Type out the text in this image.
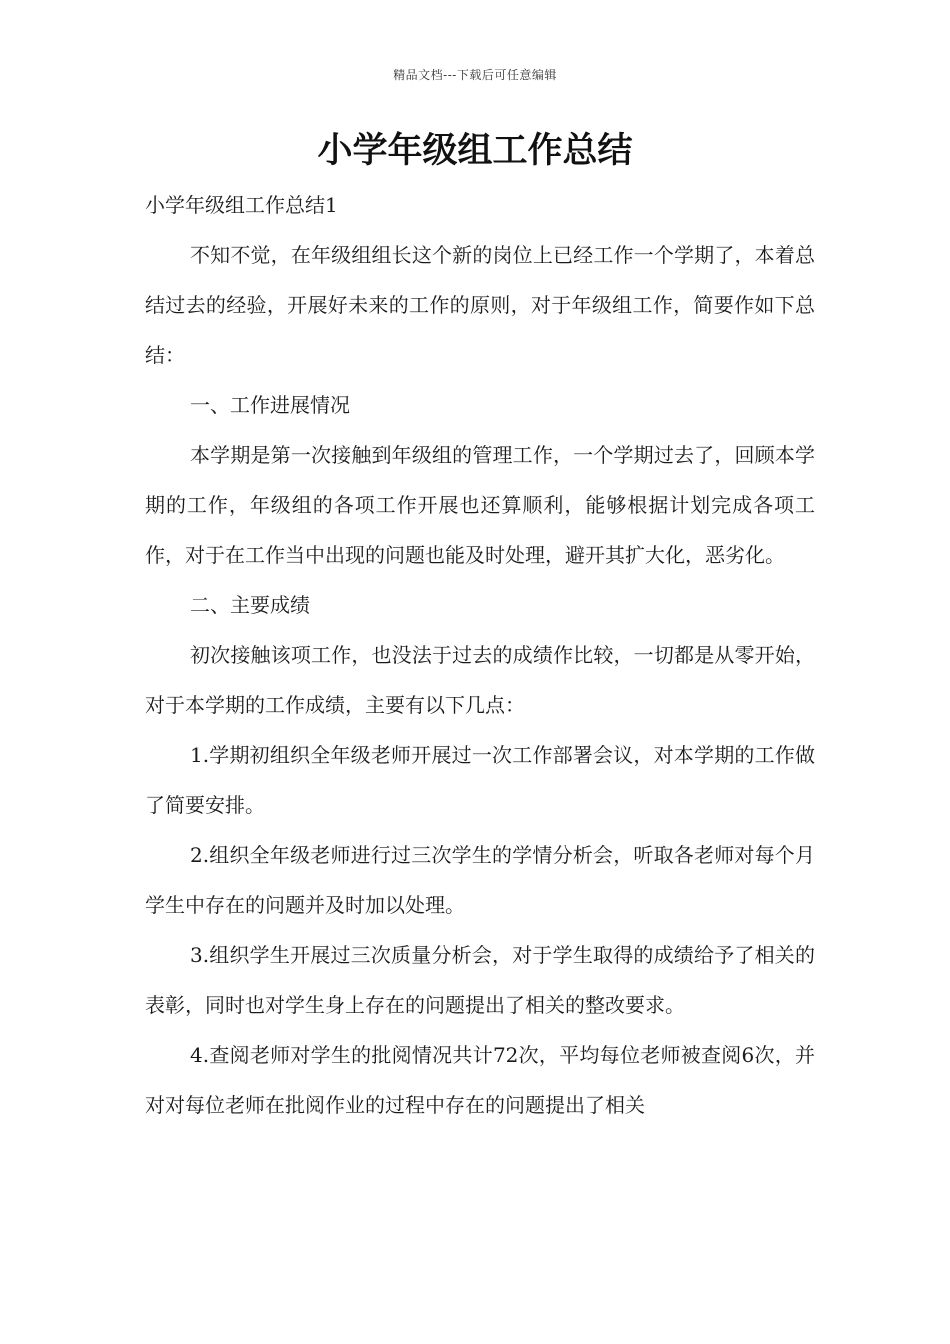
精品文档---下载后可任意编辑
小学年级组工作总结

小学年级组工作总结1

不知不觉，在年级组组长这个新的岗位上已经工作一个学期了，本着总结过去的经验，开展好未来的工作的原则，对于年级组工作，简要作如下总结：

一、工作进展情况

本学期是第一次接触到年级组的管理工作，一个学期过去了，回顾本学期的工作，年级组的各项工作开展也还算顺利，能够根据计划完成各项工作，对于在工作当中出现的问题也能及时处理，避开其扩大化，恶劣化。

二、主要成绩

初次接触该项工作，也没法于过去的成绩作比较，一切都是从零开始，对于本学期的工作成绩，主要有以下几点：

1.学期初组织全年级老师开展过一次工作部署会议，对本学期的工作做了简要安排。

2.组织全年级老师进行过三次学生的学情分析会，听取各老师对每个月学生中存在的问题并及时加以处理。

3.组织学生开展过三次质量分析会，对于学生取得的成绩给予了相关的表彰，同时也对学生身上存在的问题提出了相关的整改要求。

4.查阅老师对学生的批阅情况共计72次，平均每位老师被查阅6次，并对对每位老师在批阅作业的过程中存在的问题提出了相关
